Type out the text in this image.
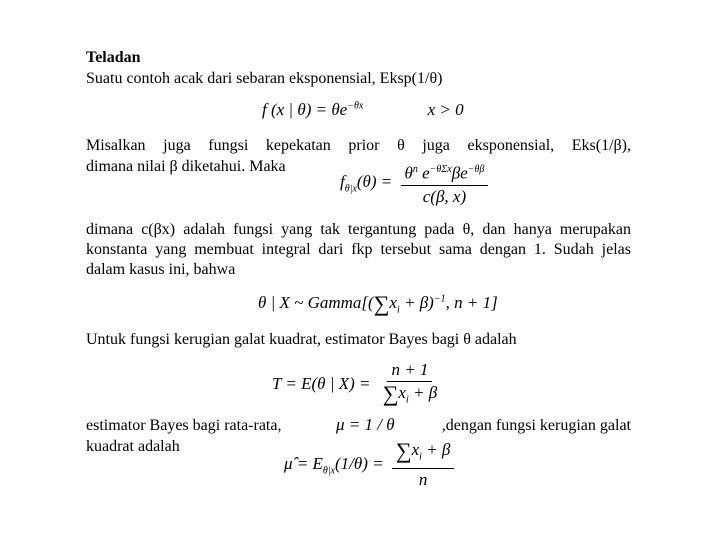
Teladan
Suatu contoh acak dari sebaran eksponensial, Eksp(1/θ)
f (x | $\theta) = \theta e^{-\theta x}$	x > 0
Misalkan juga fungsi kepekatan prior θ juga eksponensial, Eks(1/β),
dimana nilai β diketahui. Maka
$f_{\theta|x}(\theta) = \frac{\theta^n e^{-\theta\Sigma x}\beta e^{-\theta\beta}}{c(\beta, x)}$
dimana c(βx) adalah fungsi yang tak tergantung pada θ, dan hanya merupakan konstanta yang membuat integral dari fkp tersebut sama dengan 1. Sudah jelas dalam kasus ini, bahwa
θ | X ~ $Gamma[(\sum x_i + \beta)^{-1}$, n + 1]
Untuk fungsi kerugian galat kuadrat, estimator Bayes bagi θ adalah
T = E(θ | $X) = \frac{n + 1}{\sum x_i + \beta}$
estimator Bayes bagi rata-rata,	μ = 1 / θ	,dengan fungsi kerugian galat
kuadrat adalah
μ̂ = $E_{\theta|x}(1/\theta) = \frac{\sum x_i + \beta}{n}$
